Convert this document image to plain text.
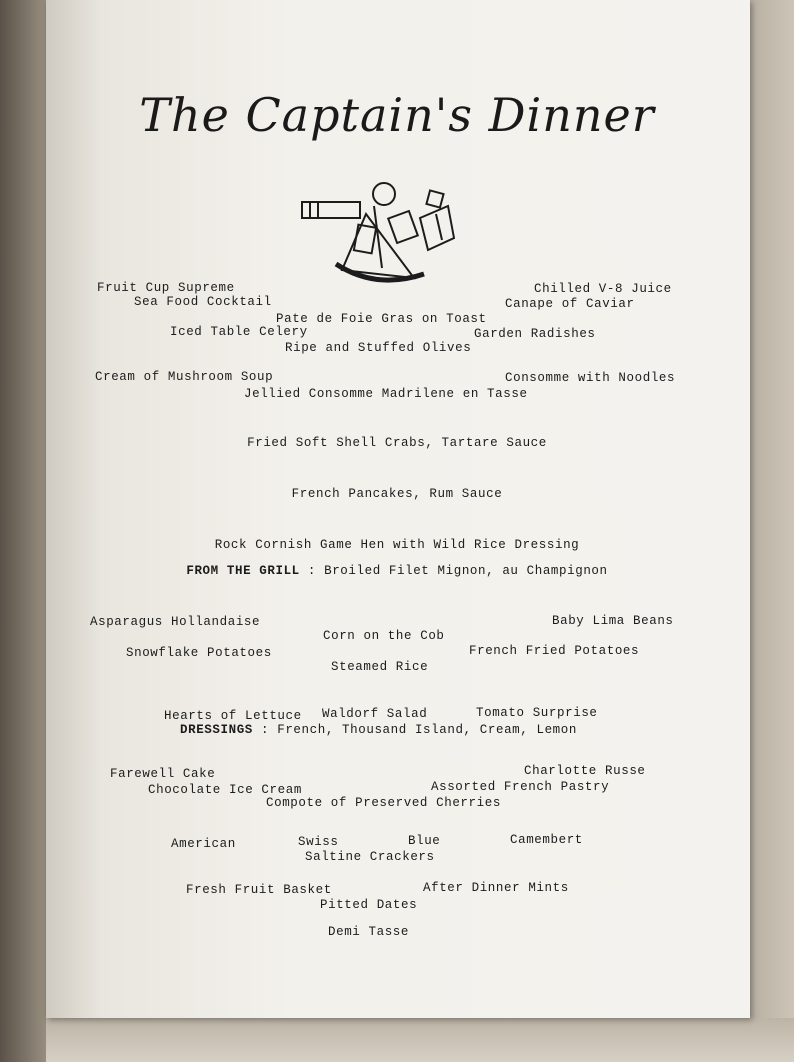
The Captain's Dinner
Fruit Cup Supreme	Chilled V-8 Juice
Sea Food Cocktail	Canape of Caviar
Pate de Foie Gras on Toast
Iced Table Celery	Garden Radishes
Ripe and Stuffed Olives
Cream of Mushroom Soup	Consomme with Noodles
Jellied Consomme Madrilene en Tasse
Fried Soft Shell Crabs, Tartare Sauce
French Pancakes, Rum Sauce
Rock Cornish Game Hen with Wild Rice Dressing
FROM THE GRILL : Broiled Filet Mignon, au Champignon
Asparagus Hollandaise	Baby Lima Beans
Corn on the Cob
Snowflake Potatoes	French Fried Potatoes
Steamed Rice
Hearts of Lettuce Waldorf Salad	Tomato Surprise
DRESSINGS : French, Thousand Island, Cream, Lemon
Farewell Cake	Charlotte Russe
Chocolate Ice Cream	Assorted French Pastry
Compote of Preserved Cherries
American	Swiss	Blue	Camembert
Saltine Crackers
Fresh Fruit Basket	After Dinner Mints
Pitted Dates
Demi Tasse
